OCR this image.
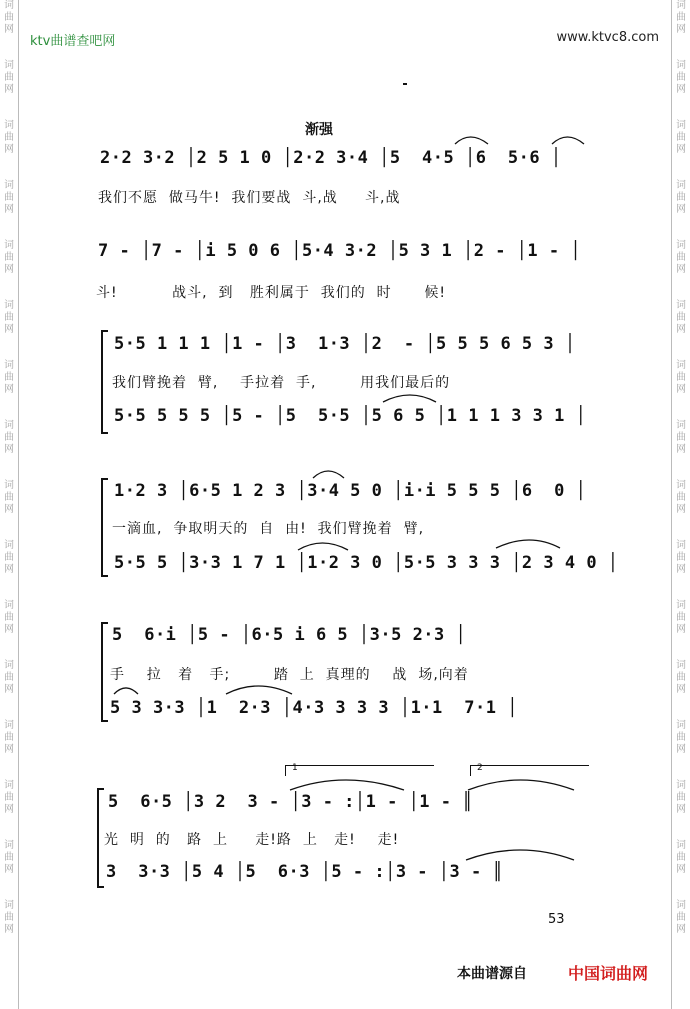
词
曲
网
词
曲
网
词
曲
网
词
曲
网
词
曲
网
词
曲
网
词
曲
网
词
曲
网
词
曲
网
词
曲
网
词
曲
网
词
曲
网
词
曲
网
词
曲
网
词
曲
网
词
曲
网
词
曲
网
词
曲
网
词
曲
网
词
曲
网
词
曲
网
词
曲
网
词
曲
网
词
曲
网
词
曲
网
词
曲
网
词
曲
网
词
曲
网
词
曲
网
词
曲
网
词
曲
网
词
曲
网
ktv曲谱查吧网	www.ktvc8.com
渐强
2·2 3·2 │2 5 1 0 │2·2 3·4 │5  4·5 │6  5·6 │
我们不愿  做马牛!  我们要战  斗,战     斗,战
7 - │7 - │i 5 0 6 │5·4 3·2 │5 3 1 │2 - │1 - │
斗!          战斗,  到   胜利属于  我们的  时      候!
5·5 1 1 1 │1 - │3  1·3 │2  - │5 5 5 6 5 3 │
我们臂挽着  臂,    手拉着  手,        用我们最后的
5·5 5 5 5 │5 - │5  5·5 │5 6 5 │1 1 1 3 3 1 │
1·2 3 │6·5 1 2 3 │3·4 5 0 │i·i 5 5 5 │6  0 │
一滴血,  争取明天的  自  由!  我们臂挽着  臂,
5·5 5 │3·3 1 7 1 │1·2 3 0 │5·5 3 3 3 │2 3 4 0 │
5  6·i │5 - │6·5 i 6 5 │3·5 2·3 │
手    拉   着   手;        踏  上  真理的    战  场,向着
5 3 3·3 │1  2·3 │4·3 3 3 3 │1·1  7·1 │
1	2
5  6·5 │3 2  3 - │3 - :│1 - │1 - ║
光  明  的   路  上     走!路  上   走!    走!
3  3·3 │5 4 │5  6·3 │5 - :│3 - │3 - ║
53
本曲谱源自	中国词曲网
